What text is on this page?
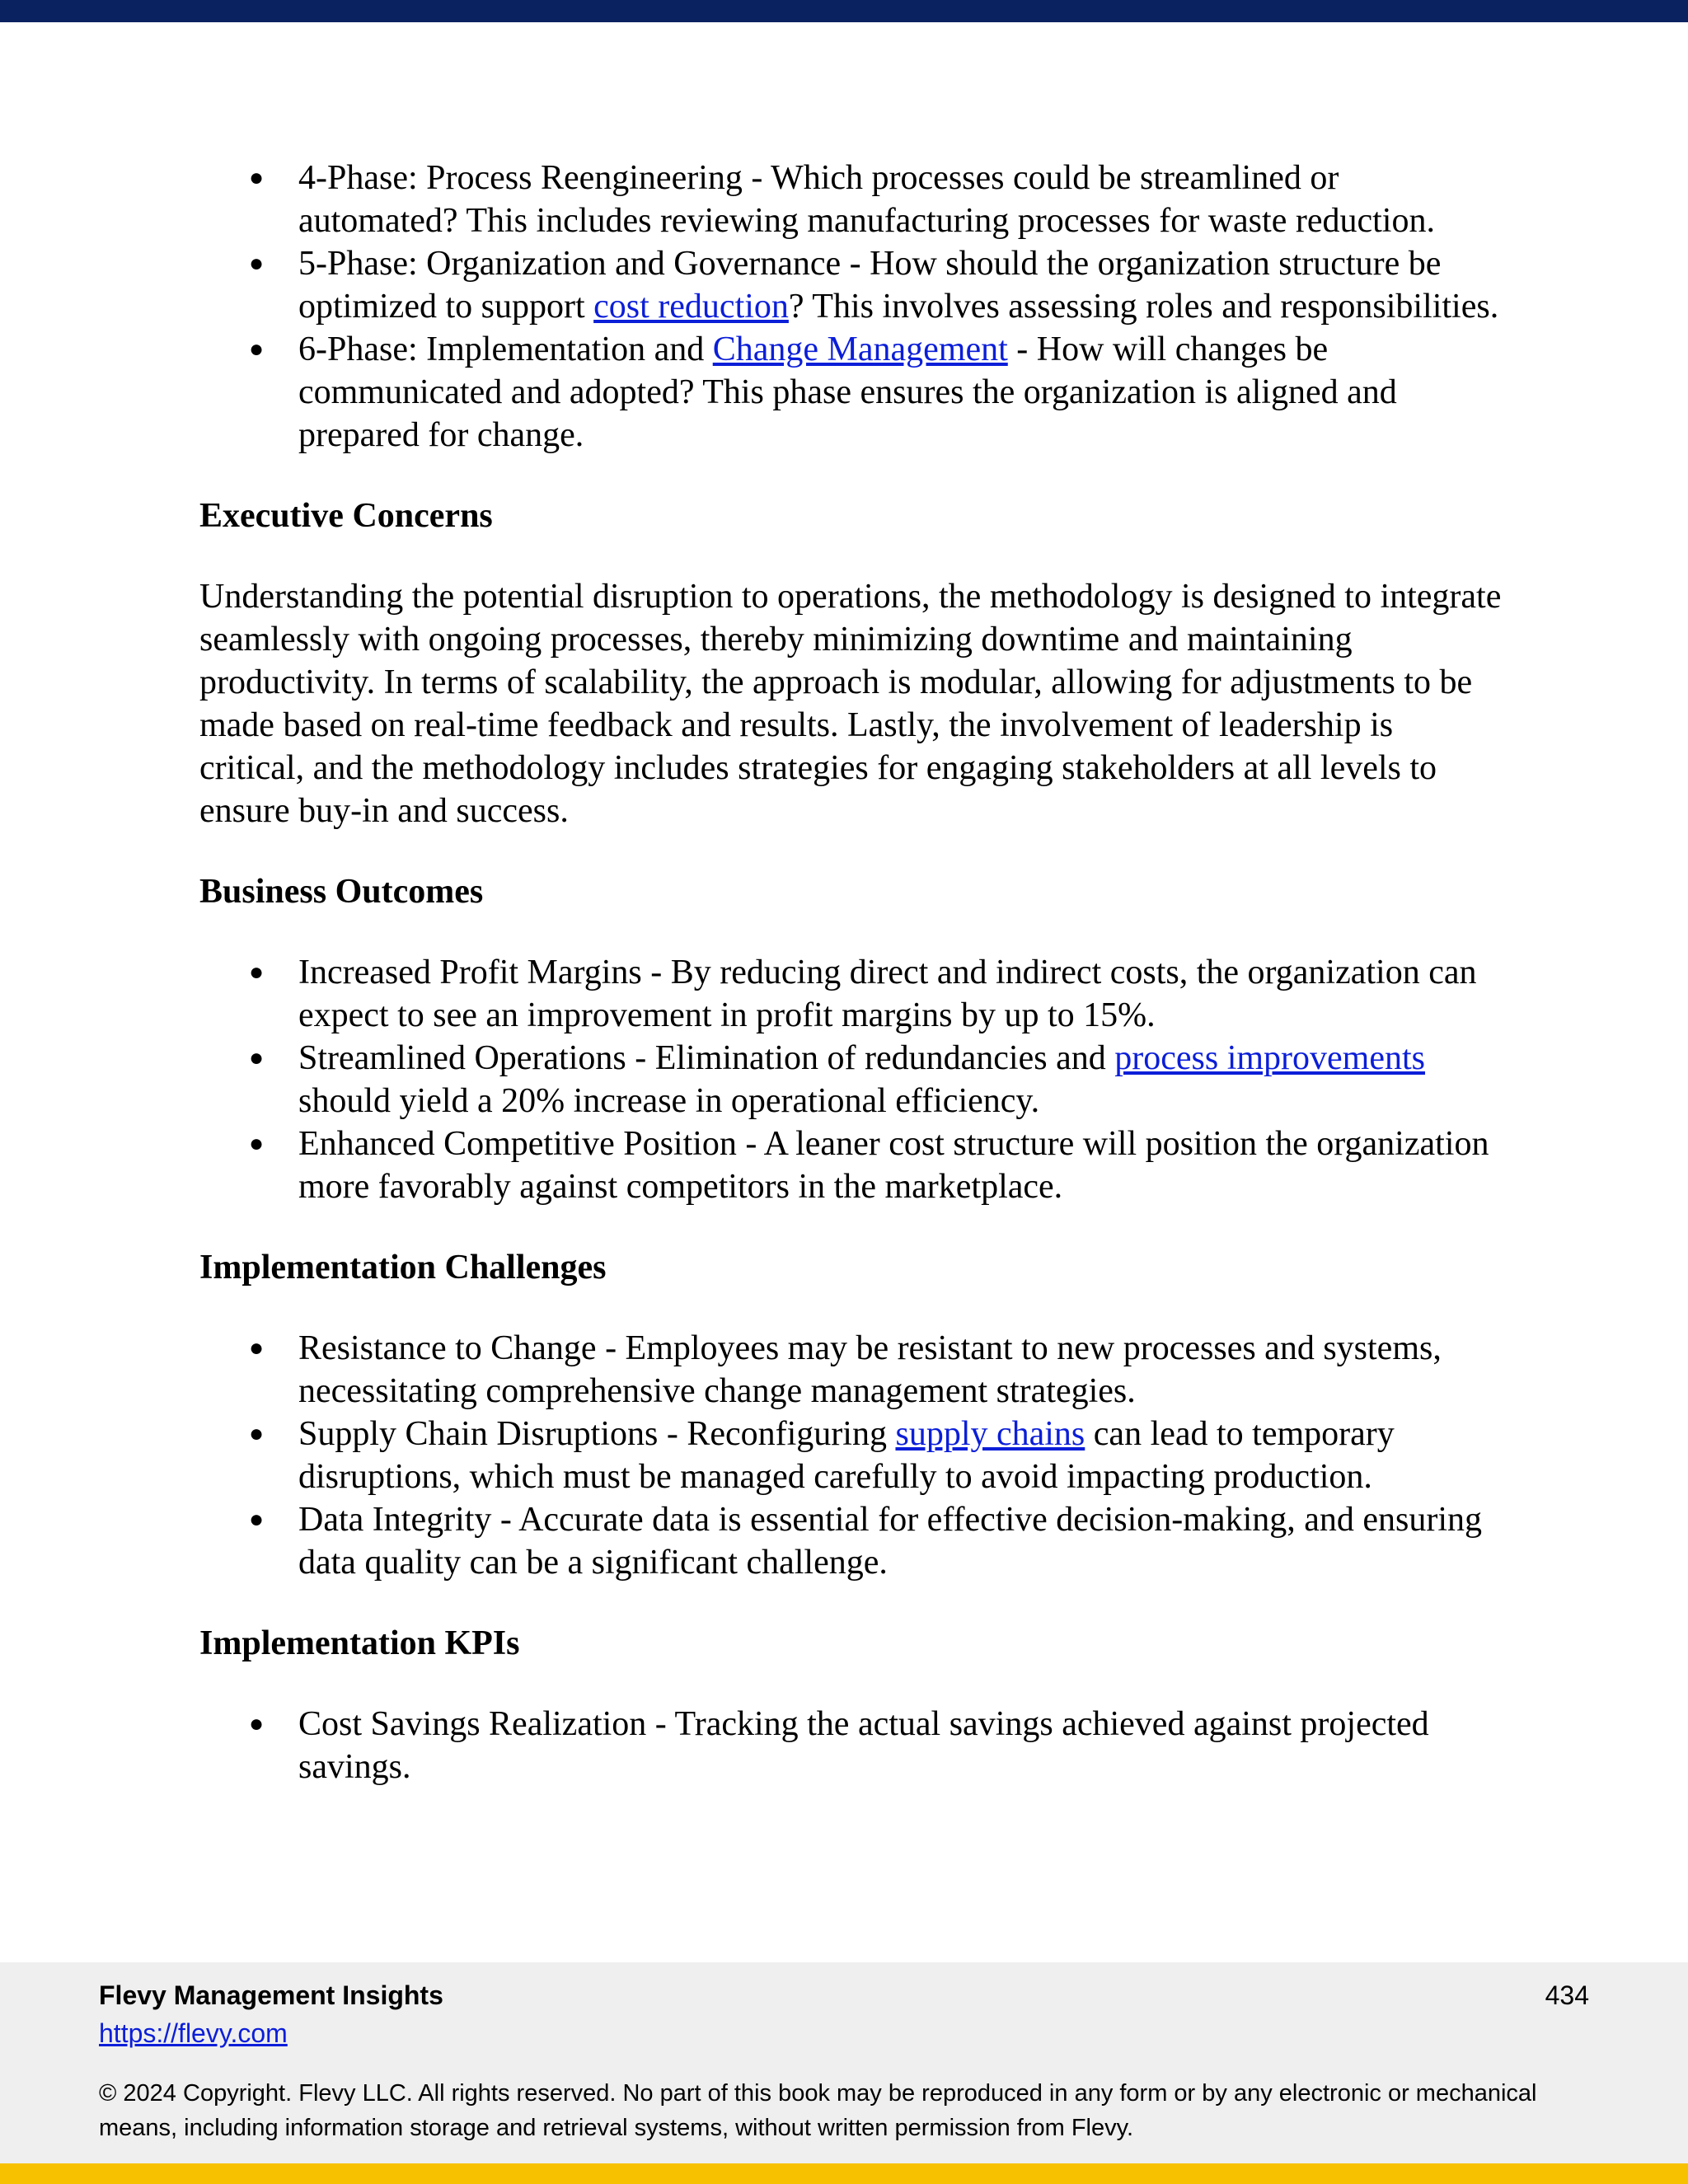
● 4-Phase: Process Reengineering - Which processes could be streamlined or automated? This includes reviewing manufacturing processes for waste reduction.
● 5-Phase: Organization and Governance - How should the organization structure be optimized to support cost reduction? This involves assessing roles and responsibilities.
● 6-Phase: Implementation and Change Management - How will changes be communicated and adopted? This phase ensures the organization is aligned and prepared for change.
Executive Concerns

Understanding the potential disruption to operations, the methodology is designed to integrate seamlessly with ongoing processes, thereby minimizing downtime and maintaining productivity. In terms of scalability, the approach is modular, allowing for adjustments to be made based on real-time feedback and results. Lastly, the involvement of leadership is critical, and the methodology includes strategies for engaging stakeholders at all levels to ensure buy-in and success.

Business Outcomes
● Increased Profit Margins - By reducing direct and indirect costs, the organization can expect to see an improvement in profit margins by up to 15%.
● Streamlined Operations - Elimination of redundancies and process improvements should yield a 20% increase in operational efficiency.
● Enhanced Competitive Position - A leaner cost structure will position the organization more favorably against competitors in the marketplace.
Implementation Challenges
● Resistance to Change - Employees may be resistant to new processes and systems, necessitating comprehensive change management strategies.
● Supply Chain Disruptions - Reconfiguring supply chains can lead to temporary disruptions, which must be managed carefully to avoid impacting production.
● Data Integrity - Accurate data is essential for effective decision-making, and ensuring data quality can be a significant challenge.
Implementation KPIs
● Cost Savings Realization - Tracking the actual savings achieved against projected savings.
Flevy Management Insights
https://flevy.com
434
© 2024 Copyright. Flevy LLC. All rights reserved. No part of this book may be reproduced in any form or by any electronic or mechanical means, including information storage and retrieval systems, without written permission from Flevy.
